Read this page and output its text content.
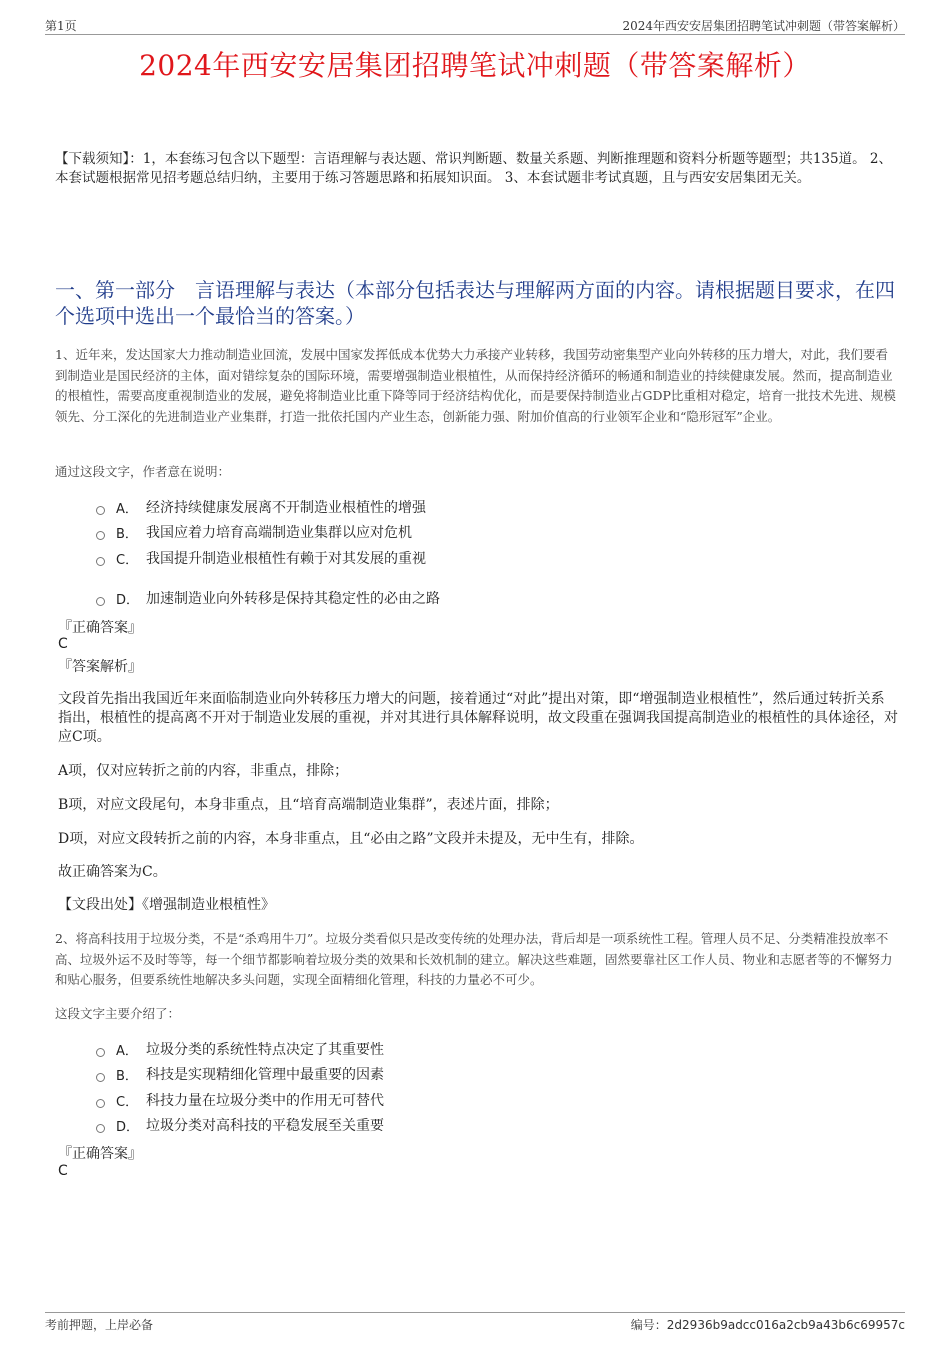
第1页	2024年西安安居集团招聘笔试冲刺题（带答案解析）
2024年西安安居集团招聘笔试冲刺题（带答案解析）
【下载须知】：1，本套练习包含以下题型：言语理解与表达题、常识判断题、数量关系题、判断推理题和资料分析题等题型；共135道。 2、本套试题根据常见招考题总结归纳，主要用于练习答题思路和拓展知识面。 3、本套试题非考试真题，且与西安安居集团无关。
一、第一部分　言语理解与表达（本部分包括表达与理解两方面的内容。请根据题目要求，在四个选项中选出一个最恰当的答案。）
1、近年来，发达国家大力推动制造业回流，发展中国家发挥低成本优势大力承接产业转移，我国劳动密集型产业向外转移的压力增大，对此，我们要看到制造业是国民经济的主体，面对错综复杂的国际环境，需要增强制造业根植性，从而保持经济循环的畅通和制造业的持续健康发展。然而，提高制造业的根植性，需要高度重视制造业的发展，避免将制造业比重下降等同于经济结构优化，而是要保持制造业占GDP比重相对稳定，培育一批技术先进、规模领先、分工深化的先进制造业产业集群，打造一批依托国内产业生态，创新能力强、附加价值高的行业领军企业和“隐形冠军”企业。
通过这段文字，作者意在说明：
A． 经济持续健康发展离不开制造业根植性的增强
B． 我国应着力培育高端制造业集群以应对危机
C． 我国提升制造业根植性有赖于对其发展的重视
D． 加速制造业向外转移是保持其稳定性的必由之路
『正确答案』
C
『答案解析』
文段首先指出我国近年来面临制造业向外转移压力增大的问题，接着通过“对此”提出对策，即“增强制造业根植性”，然后通过转折关系指出，根植性的提高离不开对于制造业发展的重视，并对其进行具体解释说明，故文段重在强调我国提高制造业的根植性的具体途径，对应C项。
A项，仅对应转折之前的内容，非重点，排除；
B项，对应文段尾句，本身非重点，且“培育高端制造业集群”，表述片面，排除；
D项，对应文段转折之前的内容，本身非重点，且“必由之路”文段并未提及，无中生有，排除。
故正确答案为C。
【文段出处】《增强制造业根植性》
2、将高科技用于垃圾分类，不是“杀鸡用牛刀”。垃圾分类看似只是改变传统的处理办法，背后却是一项系统性工程。管理人员不足、分类精准投放率不高、垃圾外运不及时等等，每一个细节都影响着垃圾分类的效果和长效机制的建立。解决这些难题，固然要靠社区工作人员、物业和志愿者等的不懈努力和贴心服务，但要系统性地解决多头问题，实现全面精细化管理，科技的力量必不可少。
这段文字主要介绍了：
A． 垃圾分类的系统性特点决定了其重要性
B． 科技是实现精细化管理中最重要的因素
C． 科技力量在垃圾分类中的作用无可替代
D． 垃圾分类对高科技的平稳发展至关重要
『正确答案』
C
考前押题，上岸必备	编号：2d2936b9adcc016a2cb9a43b6c69957c
